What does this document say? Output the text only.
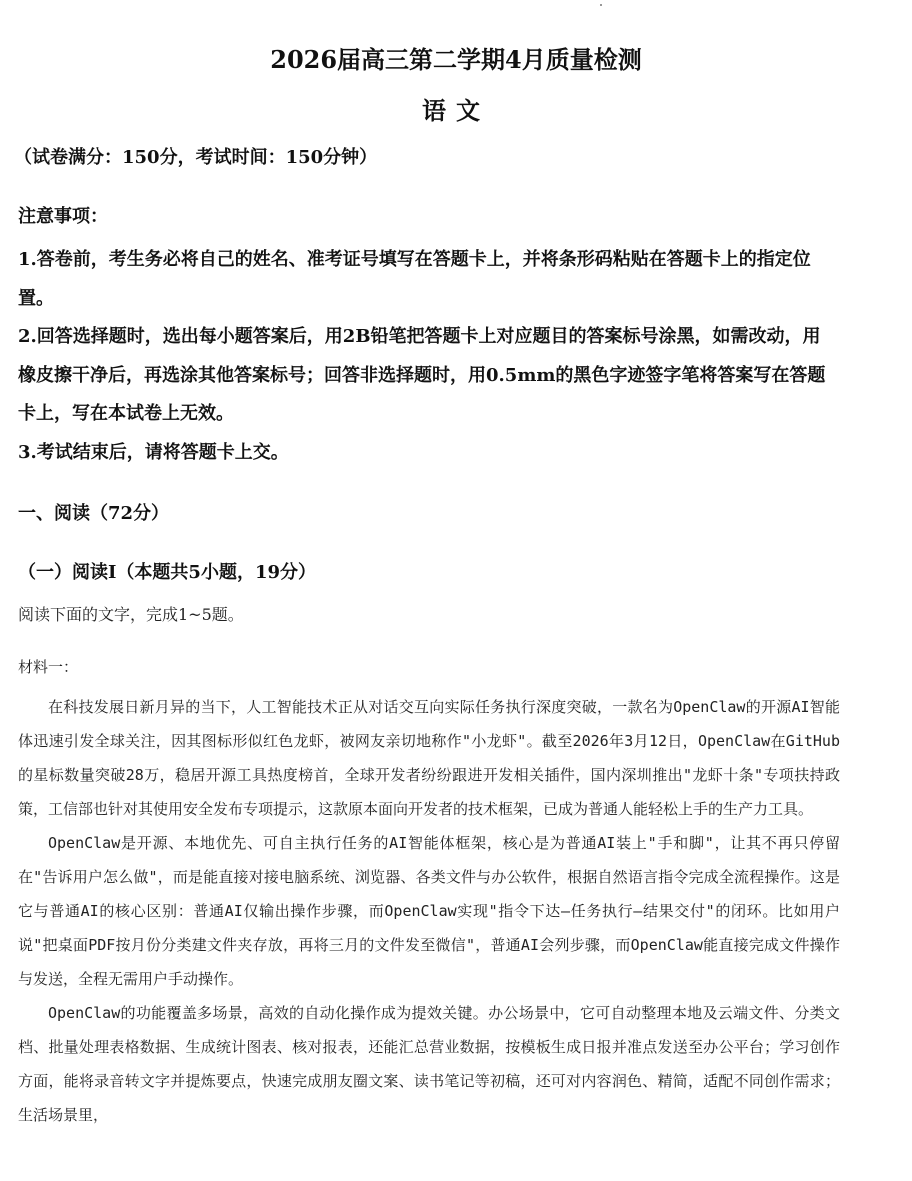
2026届高三第二学期4月质量检测
语文
（试卷满分：150分，考试时间：150分钟）
注意事项：
1.答卷前，考生务必将自己的姓名、准考证号填写在答题卡上，并将条形码粘贴在答题卡上的指定位置。
2.回答选择题时，选出每小题答案后，用2B铅笔把答题卡上对应题目的答案标号涂黑，如需改动，用橡皮擦干净后，再选涂其他答案标号；回答非选择题时，用0.5mm的黑色字迹签字笔将答案写在答题卡上，写在本试卷上无效。
3.考试结束后，请将答题卡上交。
一、阅读（72分）
（一）阅读Ⅰ（本题共5小题，19分）
阅读下面的文字，完成1~5题。
材料一：

在科技发展日新月异的当下，人工智能技术正从对话交互向实际任务执行深度突破，一款名为OpenClaw的开源AI智能体迅速引发全球关注，因其图标形似红色龙虾，被网友亲切地称作"小龙虾"。截至2026年3月12日，OpenClaw在GitHub的星标数量突破28万，稳居开源工具热度榜首，全球开发者纷纷跟进开发相关插件，国内深圳推出"龙虾十条"专项扶持政策，工信部也针对其使用安全发布专项提示，这款原本面向开发者的技术框架，已成为普通人能轻松上手的生产力工具。

OpenClaw是开源、本地优先、可自主执行任务的AI智能体框架，核心是为普通AI装上"手和脚"，让其不再只停留在"告诉用户怎么做"，而是能直接对接电脑系统、浏览器、各类文件与办公软件，根据自然语言指令完成全流程操作。这是它与普通AI的核心区别：普通AI仅输出操作步骤，而OpenClaw实现"指令下达—任务执行—结果交付"的闭环。比如用户说"把桌面PDF按月份分类建文件夹存放，再将三月的文件发至微信"，普通AI会列步骤，而OpenClaw能直接完成文件操作与发送，全程无需用户手动操作。

OpenClaw的功能覆盖多场景，高效的自动化操作成为提效关键。办公场景中，它可自动整理本地及云端文件、分类文档、批量处理表格数据、生成统计图表、核对报表，还能汇总营业数据，按模板生成日报并准点发送至办公平台；学习创作方面，能将录音转文字并提炼要点，快速完成朋友圈文案、读书笔记等初稿，还可对内容润色、精简，适配不同创作需求；生活场景里，
